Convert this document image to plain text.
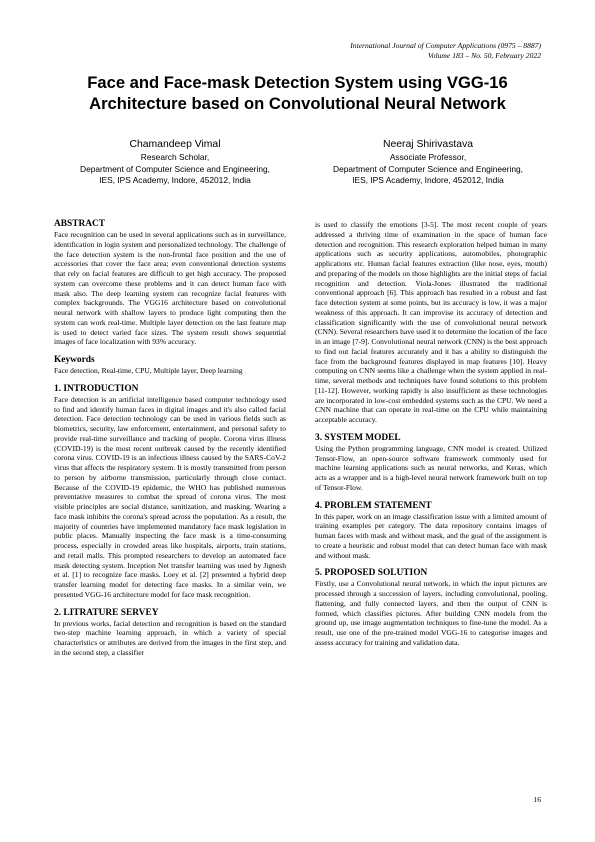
International Journal of Computer Applications (0975 – 8887)
Volume 183 – No. 50, February 2022
Face and Face-mask Detection System using VGG-16
Architecture based on Convolutional Neural Network
Chamandeep Vimal
Research Scholar,
Department of Computer Science and Engineering,
IES, IPS Academy, Indore, 452012, India
Neeraj Shirivastava
Associate Professor,
Department of Computer Science and Engineering,
IES, IPS Academy, Indore, 452012, India
ABSTRACT

Face recognition can be used in several applications such as in surveillance, identification in login system and personalized technology. The challenge of the face detection system is the non-frontal face position and the use of accessories that cover the face area; even conventional detection systems that rely on facial features are difficult to get high accuracy. The proposed system can overcome these problems and it can detect human face with mask also. The deep learning system can recognize facial features with complex backgrounds. The VGG16 architecture based on convolutional neural network with shallow layers to produce light computing then the system can work real-time. Multiple layer detection on the last feature map is used to detect varied face sizes. The system result shows sequential images of face localization with 93% accuracy.

Keywords

Face detection, Real-time, CPU, Multiple layer, Deep learning

1. INTRODUCTION

Face detection is an artificial intelligence based computer technology used to find and identify human faces in digital images and it's also called facial detection. Face detection technology can be used in various fields such as biometrics, security, law enforcement, entertainment, and personal safety to provide real-time surveillance and tracking of people. Corona virus illness (COVID-19) is the most recent outbreak caused by the recently identified corona virus. COVID-19 is an infectious illness caused by the SARS-CoV-2 virus that affects the respiratory system. It is mostly transmitted from person to person by airborne transmission, particularly through close contact. Because of the COVID-19 epidemic, the WHO has published numerous preventative measures to combat the spread of corona virus. The most visible principles are social distance, sanitization, and masking. Wearing a face mask inhibits the corona's spread across the population. As a result, the majority of countries have implemented mandatory face mask legislation in public places. Manually inspecting the face mask is a time-consuming process, especially in crowded areas like hospitals, airports, train stations, and retail malls. This prompted researchers to develop an automated face mask detecting system. Inception Net transfer learning was used by Jignesh et al. [1] to recognize face masks. Loey et al. [2] presented a hybrid deep transfer learning model for detecting face masks. In a similar vein, we presented VGG-16 architecture model for face mask recognition.

2. LITRATURE SERVEY

In previous works, facial detection and recognition is based on the standard two-step machine learning approach, in which a variety of special characteristics or attributes are derived from the images in the first step, and in the second step, a classifier

is used to classify the emotions [3-5]. The most recent couple of years addressed a thriving time of examination in the space of human face detection and recognition. This research exploration helped human in many applications such as security applications, automobiles, photographic applications etc. Human facial features extraction (like nose, eyes, mouth) and preparing of the models on those highlights are the initial steps of facial recognition and detection. Viola-Jones illustrated the traditional conventional approach [6]. This approach has resulted in a robust and fast face detection system at some points, but its accuracy is low, it was a major weakness of this approach. It can improvise its accuracy of detection and classification significantly with the use of convolutional neural network (CNN). Several researchers have used it to determine the location of the face in an image [7-9]. Convolutional neural network (CNN) is the best approach to find out facial features accurately and it has a ability to distinguish the face from the background features displayed in map features [10]. Heavy computing on CNN seems like a challenge when the system applied in real-time, several methods and techniques have found solutions to this problem [11-12]. However, working rapidly is also insufficient as these technologies are incorporated in low-cost embedded systems such as the CPU. We need a CNN machine that can operate in real-time on the CPU while maintaining acceptable accuracy.

3. SYSTEM MODEL

Using the Python programming language, CNN model is created. Utilized Tensor-Flow, an open-source software framework commonly used for machine learning applications such as neural networks, and Keras, which acts as a wrapper and is a high-level neural network framework built on top of Tensor-Flow.

4. PROBLEM STATEMENT

In this paper, work on an image classification issue with a limited amount of training examples per category. The data repository contains images of human faces with mask and without mask, and the goal of the assignment is to create a heuristic and robust model that can detect human face with mask and without mask.

5. PROPOSED SOLUTION

Firstly, use a Convolutional neural network, in which the input pictures are processed through a succession of layers, including convolutional, pooling, flattening, and fully connected layers, and then the output of CNN is formed, which classifies pictures. After building CNN models from the ground up, use image augmentation techniques to fine-tune the model. As a result, use one of the pre-trained model VGG-16 to categorise images and assess accuracy for training and validation data.

16
